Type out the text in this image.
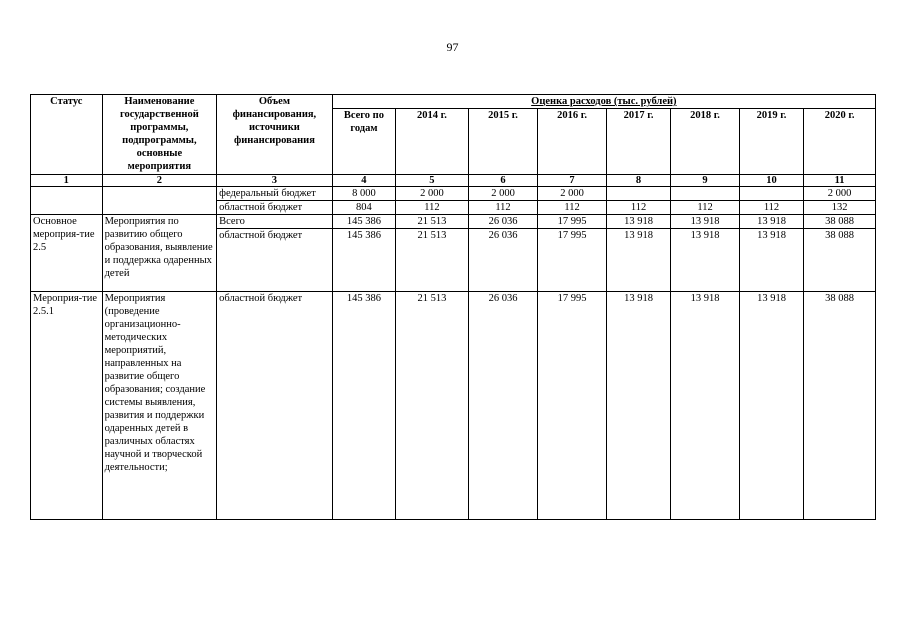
97
Статус	Наименование государственной программы, подпрограммы, основные мероприятия	Объем финансирования, источники финансирования	Оценка расходов (тыс. рублей)							
			Всего по годам	2014 г.	2015 г.	2016 г.	2017 г.	2018 г.	2019 г.	2020 г.
1	2	3	4	5	6	7	8	9	10	11
		федеральный бюджет	8 000	2 000	2 000	2 000				2 000
		областной бюджет	804	112	112	112	112	112	112	132
Основное мероприя-тие 2.5	Мероприятия по развитию общего образования, выявление и поддержка одаренных детей	Всего	145 386	21 513	26 036	17 995	13 918	13 918	13 918	38 088
		областной бюджет	145 386	21 513	26 036	17 995	13 918	13 918	13 918	38 088
Мероприя-тие 2.5.1	Мероприятия (проведение организационно-методических мероприятий, направленных на развитие общего образования; создание системы выявления, развития и поддержки одаренных детей в различных областях научной и творческой деятельности;	областной бюджет	145 386	21 513	26 036	17 995	13 918	13 918	13 918	38 088
